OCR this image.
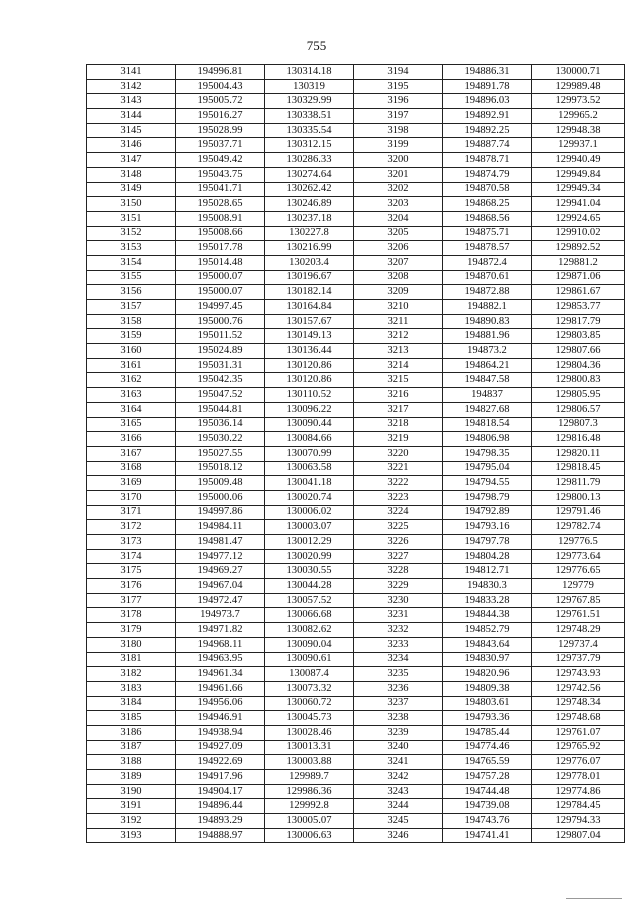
755
3141	194996.81	130314.18	3194	194886.31	130000.71
3142	195004.43	130319	3195	194891.78	129989.48
3143	195005.72	130329.99	3196	194896.03	129973.52
3144	195016.27	130338.51	3197	194892.91	129965.2
3145	195028.99	130335.54	3198	194892.25	129948.38
3146	195037.71	130312.15	3199	194887.74	129937.1
3147	195049.42	130286.33	3200	194878.71	129940.49
3148	195043.75	130274.64	3201	194874.79	129949.84
3149	195041.71	130262.42	3202	194870.58	129949.34
3150	195028.65	130246.89	3203	194868.25	129941.04
3151	195008.91	130237.18	3204	194868.56	129924.65
3152	195008.66	130227.8	3205	194875.71	129910.02
3153	195017.78	130216.99	3206	194878.57	129892.52
3154	195014.48	130203.4	3207	194872.4	129881.2
3155	195000.07	130196.67	3208	194870.61	129871.06
3156	195000.07	130182.14	3209	194872.88	129861.67
3157	194997.45	130164.84	3210	194882.1	129853.77
3158	195000.76	130157.67	3211	194890.83	129817.79
3159	195011.52	130149.13	3212	194881.96	129803.85
3160	195024.89	130136.44	3213	194873.2	129807.66
3161	195031.31	130120.86	3214	194864.21	129804.36
3162	195042.35	130120.86	3215	194847.58	129800.83
3163	195047.52	130110.52	3216	194837	129805.95
3164	195044.81	130096.22	3217	194827.68	129806.57
3165	195036.14	130090.44	3218	194818.54	129807.3
3166	195030.22	130084.66	3219	194806.98	129816.48
3167	195027.55	130070.99	3220	194798.35	129820.11
3168	195018.12	130063.58	3221	194795.04	129818.45
3169	195009.48	130041.18	3222	194794.55	129811.79
3170	195000.06	130020.74	3223	194798.79	129800.13
3171	194997.86	130006.02	3224	194792.89	129791.46
3172	194984.11	130003.07	3225	194793.16	129782.74
3173	194981.47	130012.29	3226	194797.78	129776.5
3174	194977.12	130020.99	3227	194804.28	129773.64
3175	194969.27	130030.55	3228	194812.71	129776.65
3176	194967.04	130044.28	3229	194830.3	129779
3177	194972.47	130057.52	3230	194833.28	129767.85
3178	194973.7	130066.68	3231	194844.38	129761.51
3179	194971.82	130082.62	3232	194852.79	129748.29
3180	194968.11	130090.04	3233	194843.64	129737.4
3181	194963.95	130090.61	3234	194830.97	129737.79
3182	194961.34	130087.4	3235	194820.96	129743.93
3183	194961.66	130073.32	3236	194809.38	129742.56
3184	194956.06	130060.72	3237	194803.61	129748.34
3185	194946.91	130045.73	3238	194793.36	129748.68
3186	194938.94	130028.46	3239	194785.44	129761.07
3187	194927.09	130013.31	3240	194774.46	129765.92
3188	194922.69	130003.88	3241	194765.59	129776.07
3189	194917.96	129989.7	3242	194757.28	129778.01
3190	194904.17	129986.36	3243	194744.48	129774.86
3191	194896.44	129992.8	3244	194739.08	129784.45
3192	194893.29	130005.07	3245	194743.76	129794.33
3193	194888.97	130006.63	3246	194741.41	129807.04
